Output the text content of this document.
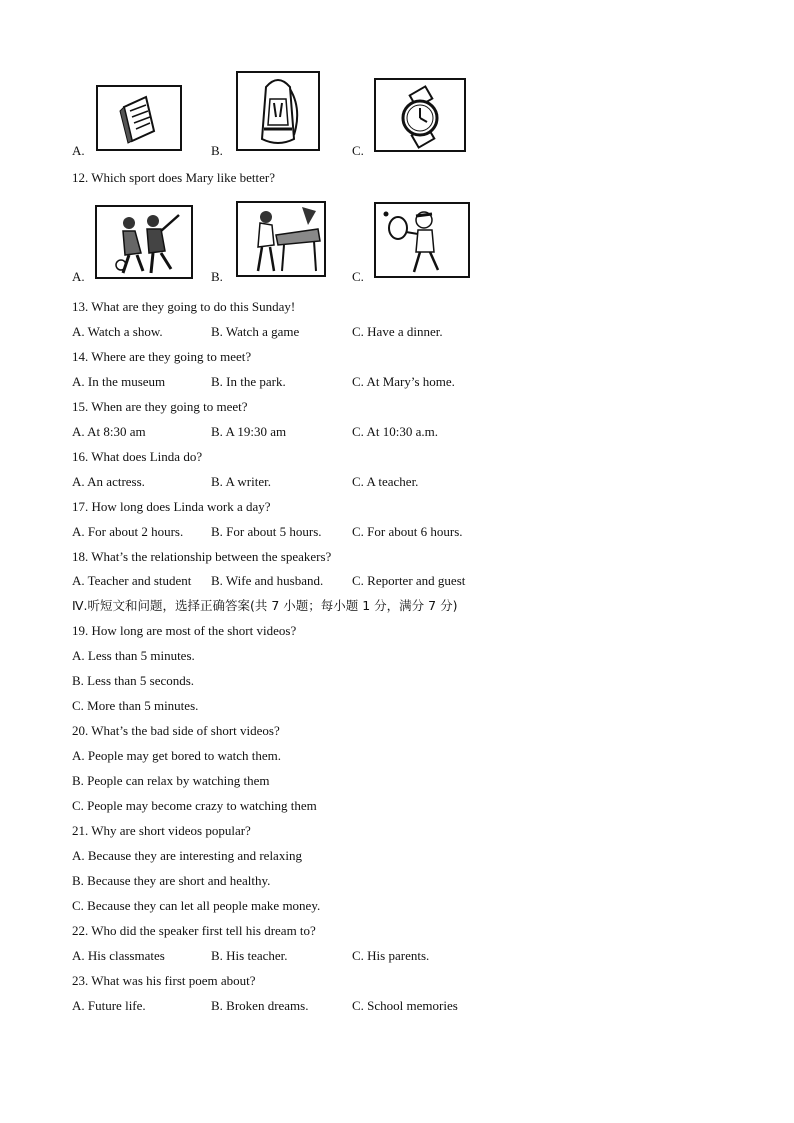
A.	B.	C.
12. Which sport does Mary like better?
A.	B.	C.
13. What are they going to do this Sunday!
A. Watch a show.	B. Watch a game	C. Have a dinner.
14. Where are they going to meet?
A. In the museum	B. In the park.	C. At Mary’s home.
15. When are they going to meet?
A. At 8:30 am	B. A 19:30 am	C. At 10:30 a.m.
16. What does Linda do?
A. An actress.	B. A writer.	C. A teacher.
17. How long does Linda work a day?
A. For about 2 hours. B. For about 5 hours. C. For about 6 hours.
18. What’s the relationship between the speakers?
A. Teacher and student B. Wife and husband. C. Reporter and guest
Ⅳ.听短文和问题，选择正确答案(共 7 小题；每小题 1 分，满分 7 分)
19. How long are most of the short videos?
A. Less than 5 minutes.
B. Less than 5 seconds.
C. More than 5 minutes.
20. What’s the bad side of short videos?
A. People may get bored to watch them.
B. People can relax by watching them
C. People may become crazy to watching them
21. Why are short videos popular?
A. Because they are interesting and relaxing
B. Because they are short and healthy.
C. Because they can let all people make money.
22. Who did the speaker first tell his dream to?
A. His classmates	B. His teacher.	C. His parents.
23. What was his first poem about?
A. Future life.	B. Broken dreams.	C. School memories
